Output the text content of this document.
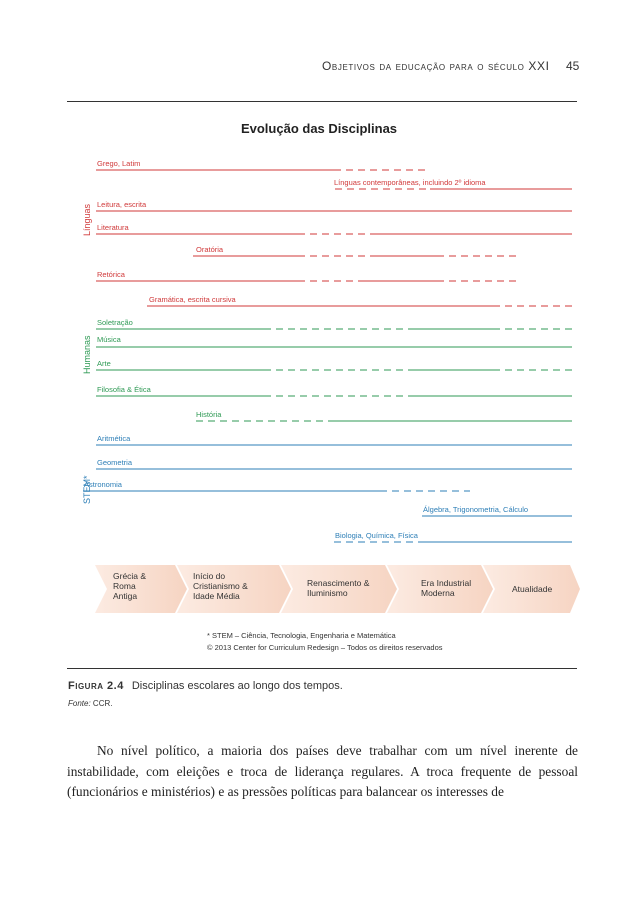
Objetivos da educação para o século XXI 45
Evolução das Disciplinas
Línguas
Humanas
STEM*
Grego, Latim
Línguas contemporâneas, incluindo 2º idioma
Leitura, escrita
Literatura
Oratória
Retórica
Gramática, escrita cursiva
Soletração
Música
Arte
Filosofia & Ética
História
Aritmética
Geometria
Astronomia
Álgebra, Trigonometria, Cálculo
Biologia, Química, Física
Grécia &
Roma
Antiga
Início do
Cristianismo &
Idade Média
Renascimento &
Iluminismo
Era Industrial
Moderna	Atualidade
* STEM – Ciência, Tecnologia, Engenharia e Matemática
© 2013 Center for Curriculum Redesign – Todos os direitos reservados
Figura 2.4 Disciplinas escolares ao longo dos tempos.
Fonte: CCR.
No nível político, a maioria dos países deve trabalhar com um nível inerente de instabilidade, com eleições e troca de liderança regulares. A troca frequente de pessoal (funcionários e ministérios) e as pressões políticas para balancear os interesses de
